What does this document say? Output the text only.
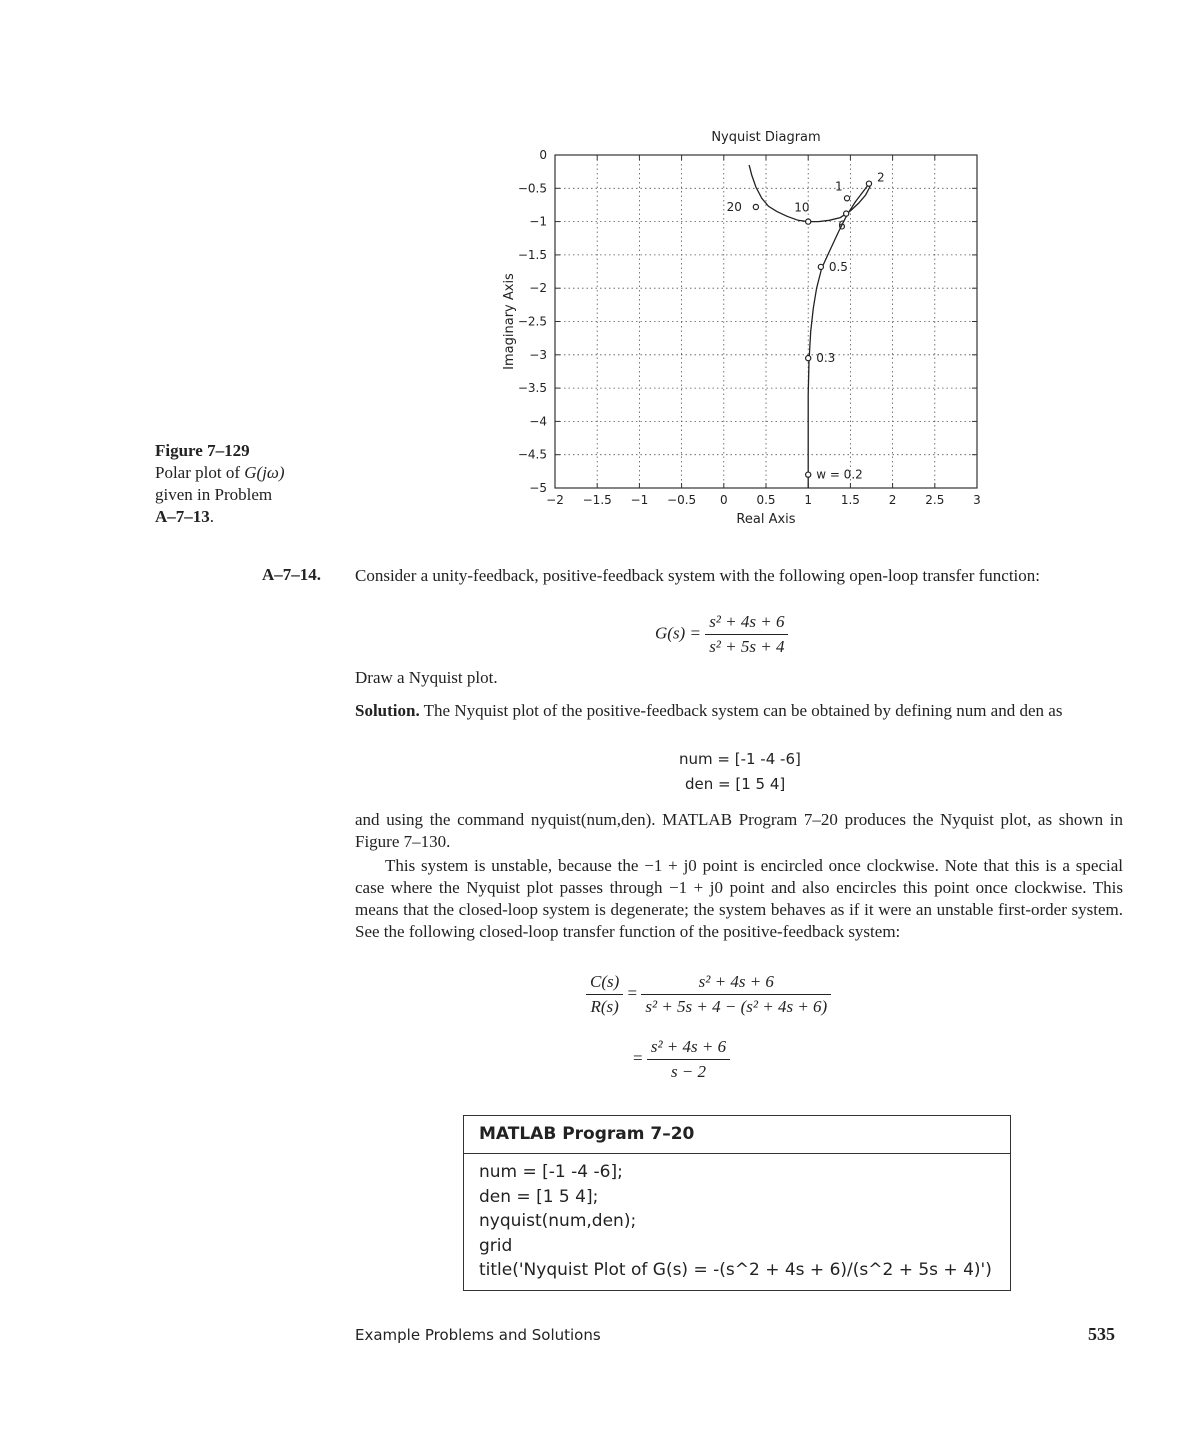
−2 −1.5 −1 −0.5 0 0.5 1 1.5 2 2.5 3
0
−0.5
−1
−1.5
−2
−2.5
−3
−3.5
−4
−4.5
−5
Nyquist Diagram
Real Axis
Imaginary Axis
w = 0.2
0.3
0.5
6
1
2
10
20
Figure 7–129
Polar plot of G(jω)
given in Problem
A–7–13.
A–7–14. Consider a unity-feedback, positive-feedback system with the following open-loop transfer function:
$G(s) = \frac{\text{s² + 4s + 6}}{\text{s² + 5s + 4}}$
Draw a Nyquist plot.
Solution. The Nyquist plot of the positive-feedback system can be obtained by defining num and den as
num = [-1 -4 -6]
den = [1 5 4]
and using the command nyquist(num,den). MATLAB Program 7–20 produces the Nyquist plot, as shown in Figure 7–130.
This system is unstable, because the −1 + j0 point is encircled once clockwise. Note that this is a special case where the Nyquist plot passes through −1 + j0 point and also encircles this point once clockwise. This means that the closed-loop system is degenerate; the system behaves as if it were an unstable first-order system. See the following closed-loop transfer function of the positive-feedback system:
$\frac{C(s)}{R(s)} = \frac{\text{s² + 4s + 6}}{\text{s² + 5s + 4 − (s² + 4s + 6)}}$
= $\frac{\text{s² + 4s + 6}}{s - 2}$
MATLAB Program 7–20
num = [-1 -4 -6];
den = [1 5 4];
nyquist(num,den);
grid
title('Nyquist Plot of G(s) = -(s^2 + 4s + 6)/(s^2 + 5s + 4)')
Example Problems and Solutions	535
